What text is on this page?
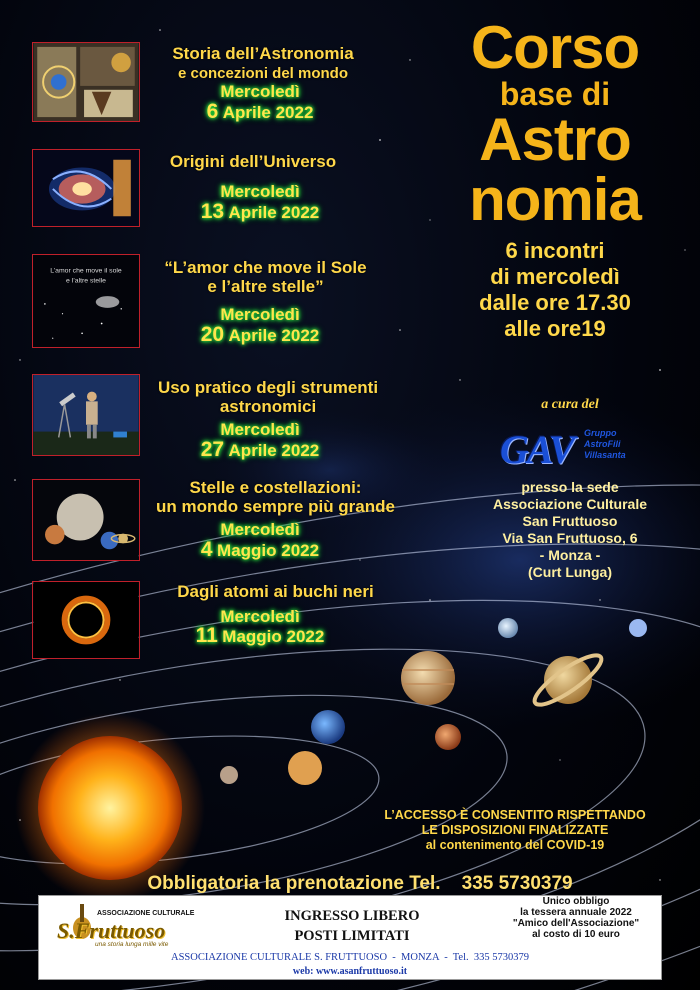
Storia dell’Astronomia
e concezioni del mondo
Mercoledì
6 Aprile 2022
Origini dell’Universo
Mercoledì
13 Aprile 2022
L’amor che move il sole
e l’altre stelle
“L’amor che move il Sole
e l’altre stelle”
Mercoledì
20 Aprile 2022
Uso pratico degli strumenti
astronomici
Mercoledì
27 Aprile 2022
Stelle e costellazioni:
un mondo sempre più grande
Mercoledì
4 Maggio 2022
Dagli atomi ai buchi neri
Mercoledì
11 Maggio 2022
Corso
base di
Astro
nomia
6 incontri
di mercoledì
dalle ore 17.30
alle ore19
a cura del
GAV Gruppo
AstroFili
Villasanta
presso la sede
Associazione Culturale
San Fruttuoso
Via San Fruttuoso, 6
- Monza -
(Curt Lunga)
L’ACCESSO È CONSENTITO RISPETTANDO
LE DISPOSIZIONI FINALIZZATE
al contenimento del COVID-19
Obbligatoria la prenotazione Tel.    335 5730379
ASSOCIAZIONE CULTURALE
S.Fruttuoso
una storia lunga mille vite
INGRESSO LIBERO
POSTI LIMITATI
Unico obbligo
la tessera annuale 2022
"Amico dell'Associazione"
al costo di 10 euro
ASSOCIAZIONE CULTURALE S. FRUTTUOSO  -  MONZA  -  Tel.  335 5730379
web: www.asanfruttuoso.it
